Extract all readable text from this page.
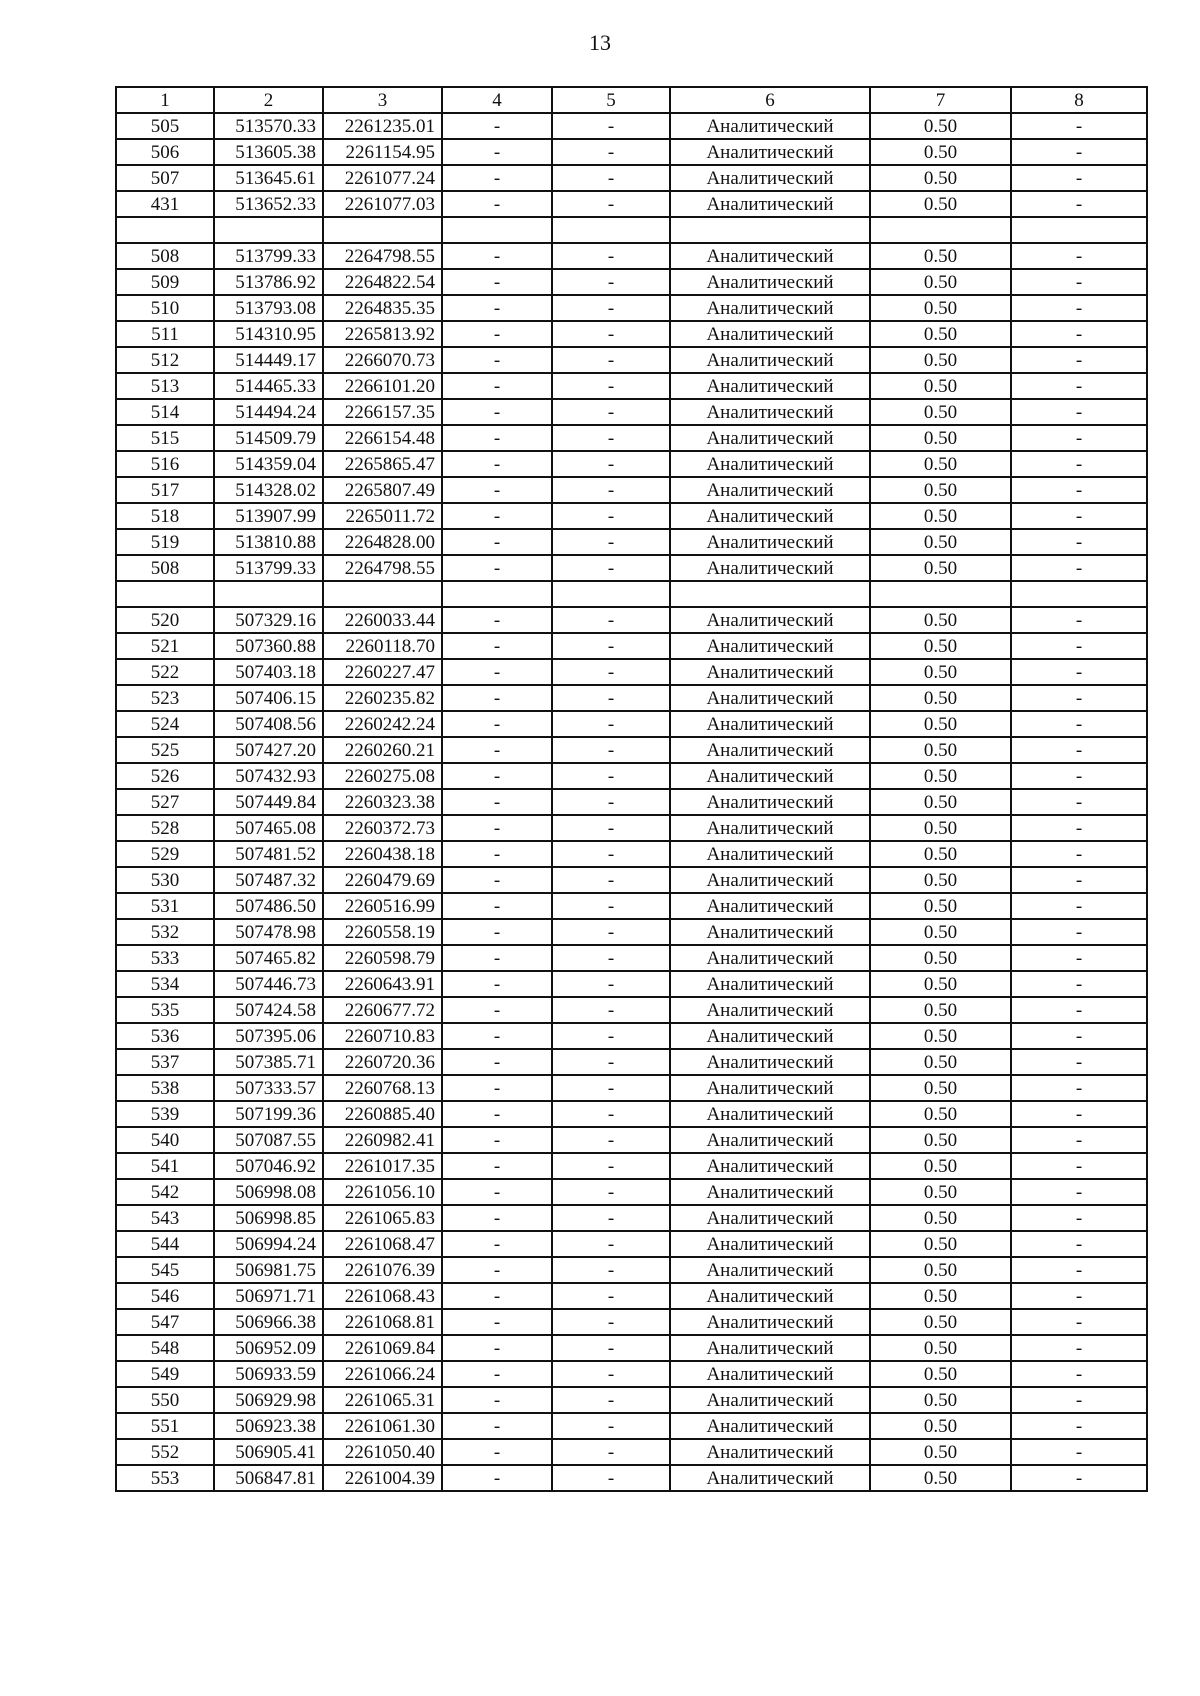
13
1	2	3	4	5	6	7	8
505	513570.33	2261235.01	-	-	Аналитический	0.50	-
506	513605.38	2261154.95	-	-	Аналитический	0.50	-
507	513645.61	2261077.24	-	-	Аналитический	0.50	-
431	513652.33	2261077.03	-	-	Аналитический	0.50	-

508	513799.33	2264798.55	-	-	Аналитический	0.50	-
509	513786.92	2264822.54	-	-	Аналитический	0.50	-
510	513793.08	2264835.35	-	-	Аналитический	0.50	-
511	514310.95	2265813.92	-	-	Аналитический	0.50	-
512	514449.17	2266070.73	-	-	Аналитический	0.50	-
513	514465.33	2266101.20	-	-	Аналитический	0.50	-
514	514494.24	2266157.35	-	-	Аналитический	0.50	-
515	514509.79	2266154.48	-	-	Аналитический	0.50	-
516	514359.04	2265865.47	-	-	Аналитический	0.50	-
517	514328.02	2265807.49	-	-	Аналитический	0.50	-
518	513907.99	2265011.72	-	-	Аналитический	0.50	-
519	513810.88	2264828.00	-	-	Аналитический	0.50	-
508	513799.33	2264798.55	-	-	Аналитический	0.50	-

520	507329.16	2260033.44	-	-	Аналитический	0.50	-
521	507360.88	2260118.70	-	-	Аналитический	0.50	-
522	507403.18	2260227.47	-	-	Аналитический	0.50	-
523	507406.15	2260235.82	-	-	Аналитический	0.50	-
524	507408.56	2260242.24	-	-	Аналитический	0.50	-
525	507427.20	2260260.21	-	-	Аналитический	0.50	-
526	507432.93	2260275.08	-	-	Аналитический	0.50	-
527	507449.84	2260323.38	-	-	Аналитический	0.50	-
528	507465.08	2260372.73	-	-	Аналитический	0.50	-
529	507481.52	2260438.18	-	-	Аналитический	0.50	-
530	507487.32	2260479.69	-	-	Аналитический	0.50	-
531	507486.50	2260516.99	-	-	Аналитический	0.50	-
532	507478.98	2260558.19	-	-	Аналитический	0.50	-
533	507465.82	2260598.79	-	-	Аналитический	0.50	-
534	507446.73	2260643.91	-	-	Аналитический	0.50	-
535	507424.58	2260677.72	-	-	Аналитический	0.50	-
536	507395.06	2260710.83	-	-	Аналитический	0.50	-
537	507385.71	2260720.36	-	-	Аналитический	0.50	-
538	507333.57	2260768.13	-	-	Аналитический	0.50	-
539	507199.36	2260885.40	-	-	Аналитический	0.50	-
540	507087.55	2260982.41	-	-	Аналитический	0.50	-
541	507046.92	2261017.35	-	-	Аналитический	0.50	-
542	506998.08	2261056.10	-	-	Аналитический	0.50	-
543	506998.85	2261065.83	-	-	Аналитический	0.50	-
544	506994.24	2261068.47	-	-	Аналитический	0.50	-
545	506981.75	2261076.39	-	-	Аналитический	0.50	-
546	506971.71	2261068.43	-	-	Аналитический	0.50	-
547	506966.38	2261068.81	-	-	Аналитический	0.50	-
548	506952.09	2261069.84	-	-	Аналитический	0.50	-
549	506933.59	2261066.24	-	-	Аналитический	0.50	-
550	506929.98	2261065.31	-	-	Аналитический	0.50	-
551	506923.38	2261061.30	-	-	Аналитический	0.50	-
552	506905.41	2261050.40	-	-	Аналитический	0.50	-
553	506847.81	2261004.39	-	-	Аналитический	0.50	-
